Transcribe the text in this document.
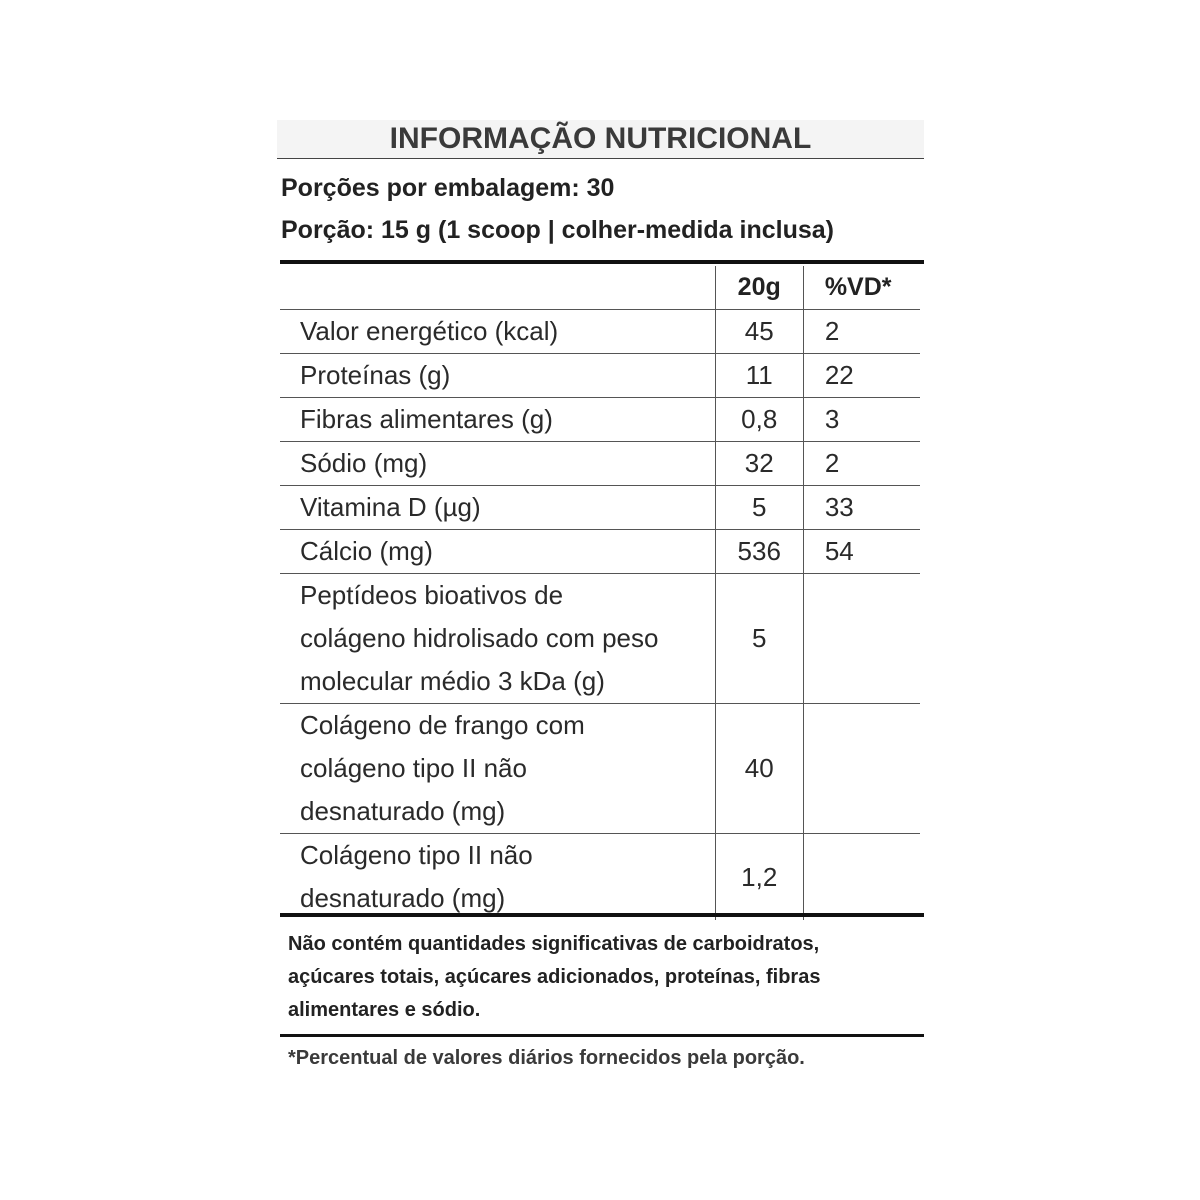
INFORMAÇÃO NUTRICIONAL
Porções por embalagem: 30
Porção: 15 g (1 scoop | colher-medida inclusa)
	20g	%VD*
Valor energético (kcal)	45	2
Proteínas (g)	11	22
Fibras alimentares (g)	0,8	3
Sódio (mg)	32	2
Vitamina D (µg)	5	33
Cálcio (mg)	536	54

Peptídeos bioativos de
colágeno hidrolisado com peso
molecular médio 3 kDa (g)	5	

Colágeno de frango com
colágeno tipo II não
desnaturado (mg)	40	

Colágeno tipo II não
desnaturado (mg)	1,2	
Não contém quantidades significativas de carboidratos,
açúcares totais, açúcares adicionados, proteínas, fibras
alimentares e sódio.
*Percentual de valores diários fornecidos pela porção.
